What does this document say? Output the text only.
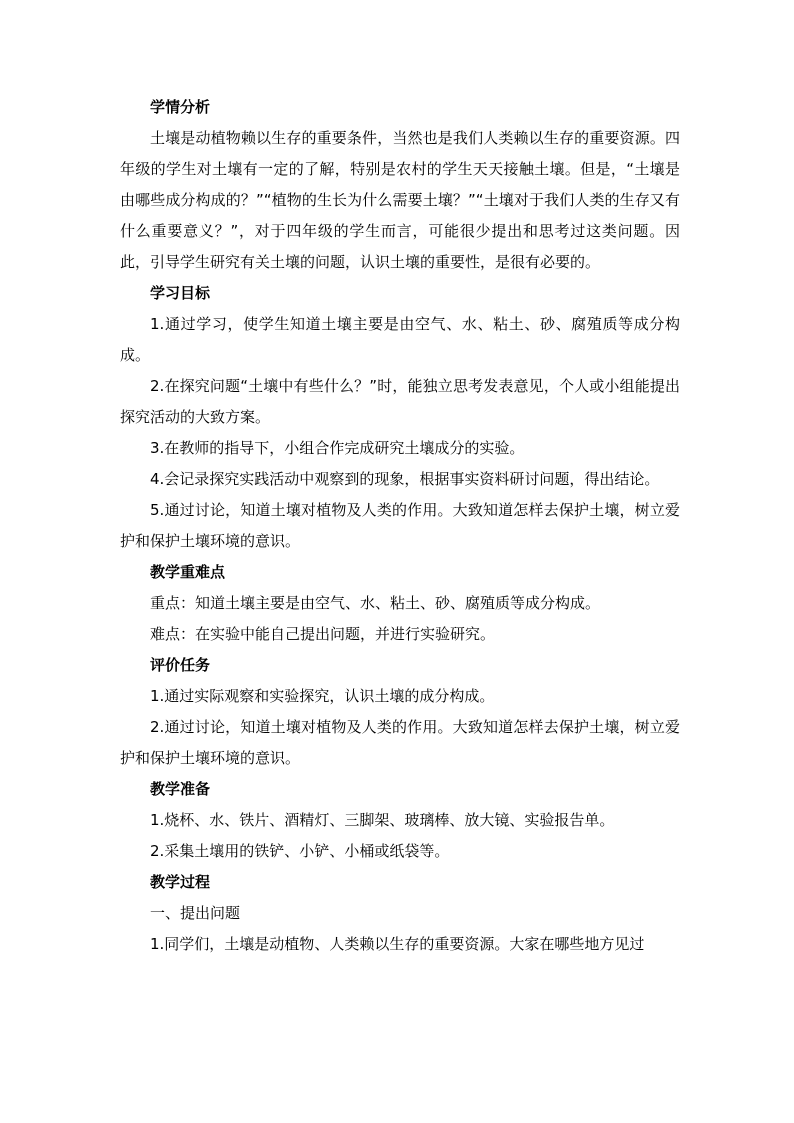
学情分析

土壤是动植物赖以生存的重要条件，当然也是我们人类赖以生存的重要资源。四年级的学生对土壤有一定的了解，特别是农村的学生天天接触土壤。但是，“土壤是由哪些成分构成的？”“植物的生长为什么需要土壤？”“土壤对于我们人类的生存又有什么重要意义？”，对于四年级的学生而言，可能很少提出和思考过这类问题。因此，引导学生研究有关土壤的问题，认识土壤的重要性，是很有必要的。

学习目标

1.通过学习，使学生知道土壤主要是由空气、水、粘土、砂、腐殖质等成分构成。

2.在探究问题“土壤中有些什么？”时，能独立思考发表意见，个人或小组能提出探究活动的大致方案。

3.在教师的指导下，小组合作完成研究土壤成分的实验。

4.会记录探究实践活动中观察到的现象，根据事实资料研讨问题，得出结论。

5.通过讨论，知道土壤对植物及人类的作用。大致知道怎样去保护土壤，树立爱护和保护土壤环境的意识。

教学重难点

重点：知道土壤主要是由空气、水、粘土、砂、腐殖质等成分构成。

难点：在实验中能自己提出问题，并进行实验研究。

评价任务

1.通过实际观察和实验探究，认识土壤的成分构成。

2.通过讨论，知道土壤对植物及人类的作用。大致知道怎样去保护土壤，树立爱护和保护土壤环境的意识。

教学准备

1.烧杯、水、铁片、酒精灯、三脚架、玻璃棒、放大镜、实验报告单。

2.采集土壤用的铁铲、小铲、小桶或纸袋等。

教学过程

一、提出问题

1.同学们，土壤是动植物、人类赖以生存的重要资源。大家在哪些地方见过
